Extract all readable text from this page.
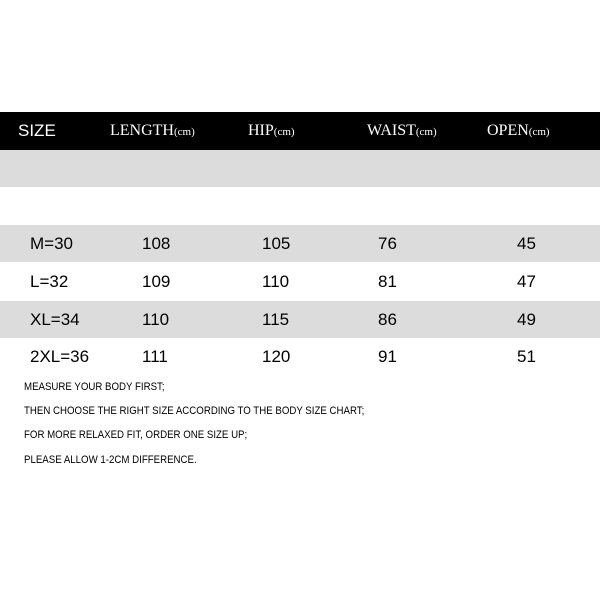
SIZE	LENGTH(cm)	HIP(cm)	WAIST(cm)	OPEN(cm)
M=30	108	105	76	45
L=32	109	110	81	47
XL=34	110	115	86	49
2XL=36	111	120	91	51
MEASURE YOUR BODY FIRST;
THEN CHOOSE THE RIGHT SIZE ACCORDING TO THE BODY SIZE CHART;
FOR MORE RELAXED FIT, ORDER ONE SIZE UP;
PLEASE ALLOW 1-2CM DIFFERENCE.
